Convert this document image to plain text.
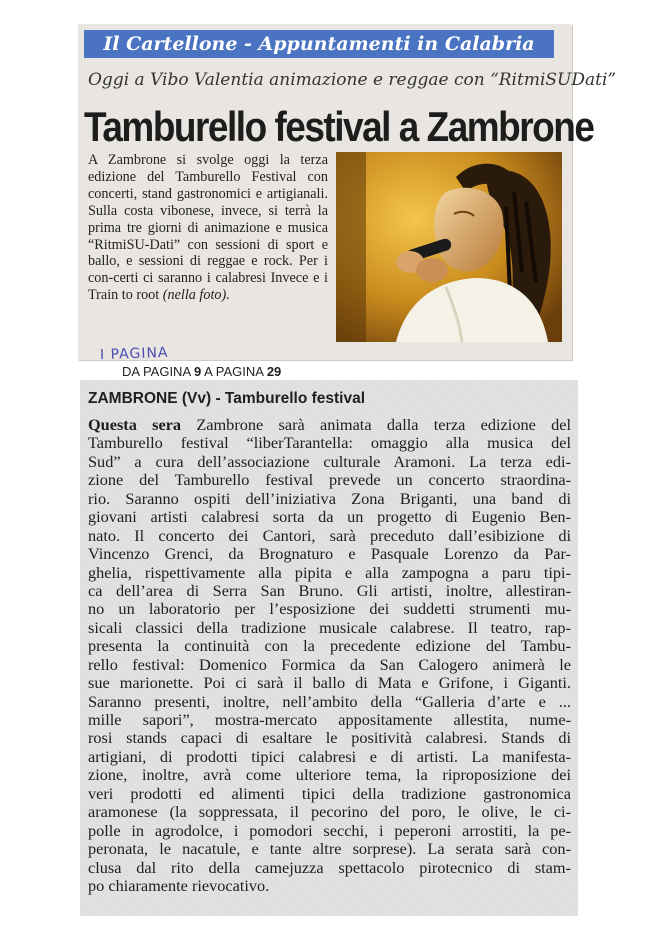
Il Cartellone - Appuntamenti in Calabria
Oggi a Vibo Valentia animazione e reggae con “RitmiSUDati”
Tamburello festival a Zambrone

A Zambrone si svolge oggi la terza edizione del Tamburello Festival con concerti, stand gastronomici e artigianali. Sulla costa vibonese, invece, si terrà la prima tre giorni di animazione e musica “RitmiSU-Dati” con sessioni di sport e ballo, e sessioni di reggae e rock. Per i con-certi ci saranno i calabresi Invece e i Train to root (nella foto).

I PAGINA
DA PAGINA 9 A PAGINA 29
ZAMBRONE (Vv) - Tamburello festival
Questa sera Zambrone sarà animata dalla terza edizione del
Tamburello festival “liberTarantella: omaggio alla musica del
Sud” a cura dell’associazione culturale Aramoni. La terza edi-
zione del Tamburello festival prevede un concerto straordina-
rio. Saranno ospiti dell’iniziativa Zona Briganti, una band di
giovani artisti calabresi sorta da un progetto di Eugenio Ben-
nato. Il concerto dei Cantori, sarà preceduto dall’esibizione di
Vincenzo Grenci, da Brognaturo e Pasquale Lorenzo da Par-
ghelia, rispettivamente alla pipita e alla zampogna a paru tipi-
ca dell’area di Serra San Bruno. Gli artisti, inoltre, allestiran-
no un laboratorio per l’esposizione dei suddetti strumenti mu-
sicali classici della tradizione musicale calabrese. Il teatro, rap-
presenta la continuità con la precedente edizione del Tambu-
rello festival: Domenico Formica da San Calogero animerà le
sue marionette. Poi ci sarà il ballo di Mata e Grifone, i Giganti.
Saranno presenti, inoltre, nell’ambito della “Galleria d’arte e ...
mille sapori”, mostra-mercato appositamente allestita, nume-
rosi stands capaci di esaltare le positività calabresi. Stands di
artigiani, di prodotti tipici calabresi e di artisti. La manifesta-
zione, inoltre, avrà come ulteriore tema, la riproposizione dei
veri prodotti ed alimenti tipici della tradizione gastronomica
aramonese (la soppressata, il pecorino del poro, le olive, le ci-
polle in agrodolce, i pomodori secchi, i peperoni arrostiti, la pe-
peronata, le nacatule, e tante altre sorprese). La serata sarà con-
clusa dal rito della camejuzza spettacolo pirotecnico di stam-
po chiaramente rievocativo.
